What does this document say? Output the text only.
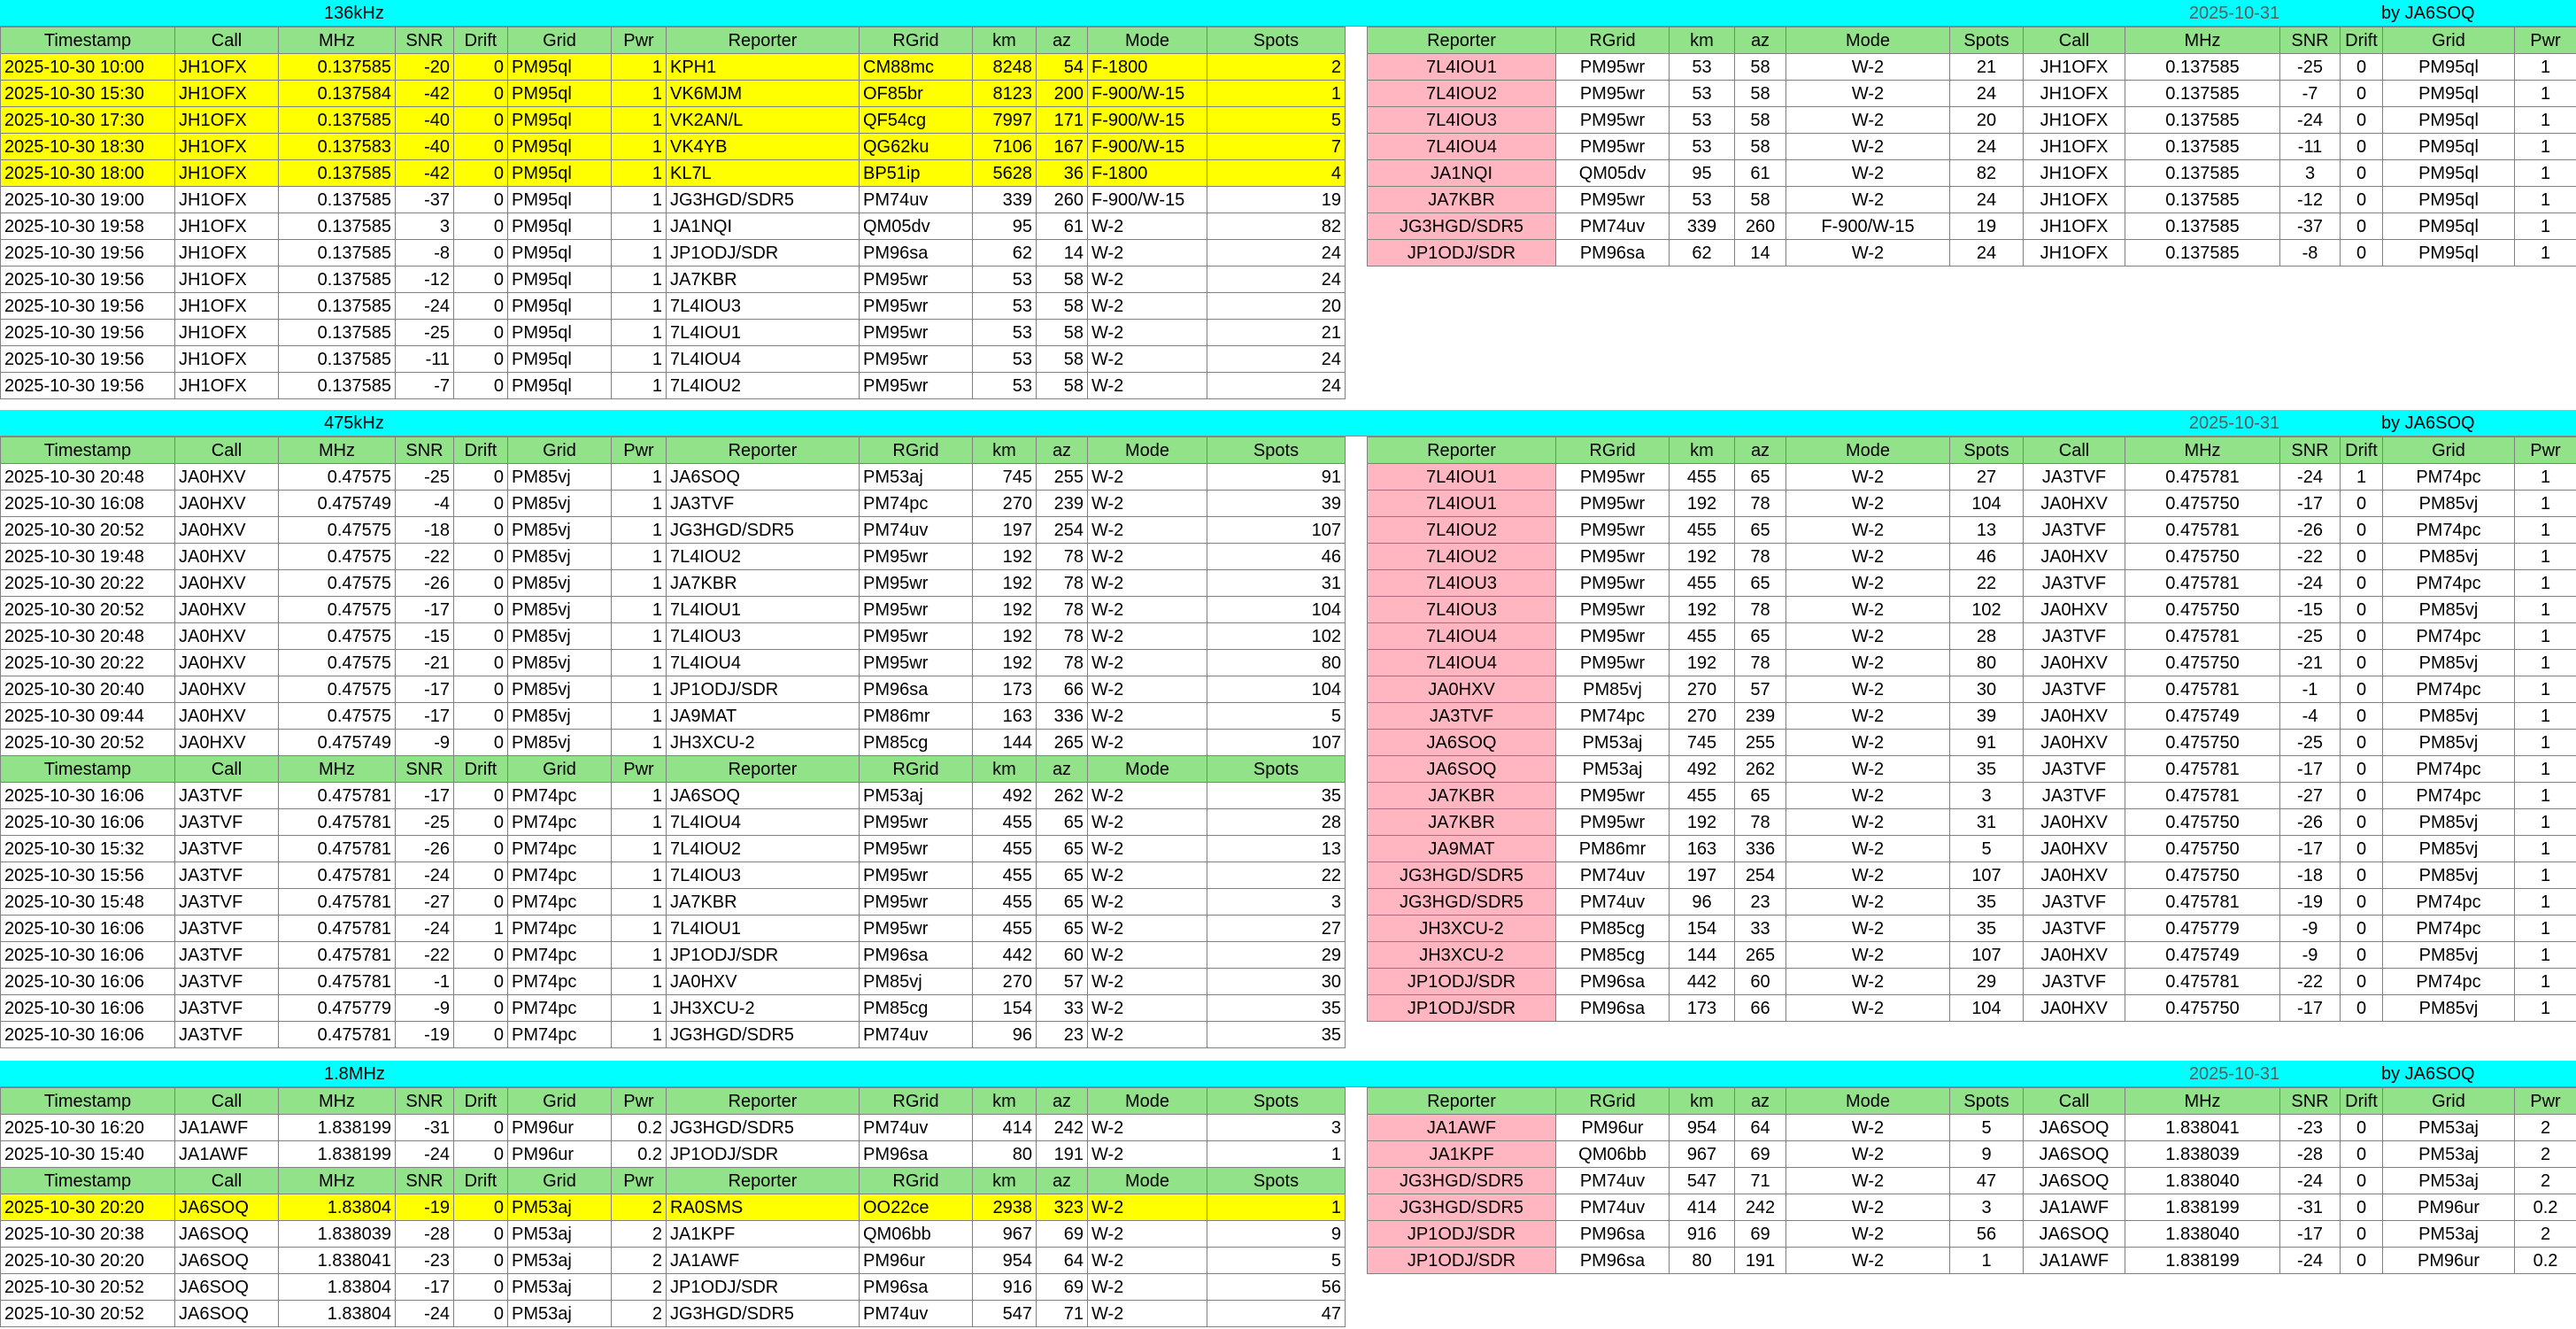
136kHz	2025-10-31	by JA6SOQ
Timestamp	Call	MHz	SNR	Drift	Grid	Pwr	Reporter	RGrid	km	az	Mode	Spots
2025-10-30 10:00	JH1OFX	0.137585	-20	0	PM95ql	1	KPH1	CM88mc	8248	54	F-1800	2
2025-10-30 15:30	JH1OFX	0.137584	-42	0	PM95ql	1	VK6MJM	OF85br	8123	200	F-900/W-15	1
2025-10-30 17:30	JH1OFX	0.137585	-40	0	PM95ql	1	VK2AN/L	QF54cg	7997	171	F-900/W-15	5
2025-10-30 18:30	JH1OFX	0.137583	-40	0	PM95ql	1	VK4YB	QG62ku	7106	167	F-900/W-15	7
2025-10-30 18:00	JH1OFX	0.137585	-42	0	PM95ql	1	KL7L	BP51ip	5628	36	F-1800	4
2025-10-30 19:00	JH1OFX	0.137585	-37	0	PM95ql	1	JG3HGD/SDR5	PM74uv	339	260	F-900/W-15	19
2025-10-30 19:58	JH1OFX	0.137585	3	0	PM95ql	1	JA1NQI	QM05dv	95	61	W-2	82
2025-10-30 19:56	JH1OFX	0.137585	-8	0	PM95ql	1	JP1ODJ/SDR	PM96sa	62	14	W-2	24
2025-10-30 19:56	JH1OFX	0.137585	-12	0	PM95ql	1	JA7KBR	PM95wr	53	58	W-2	24
2025-10-30 19:56	JH1OFX	0.137585	-24	0	PM95ql	1	7L4IOU3	PM95wr	53	58	W-2	20
2025-10-30 19:56	JH1OFX	0.137585	-25	0	PM95ql	1	7L4IOU1	PM95wr	53	58	W-2	21
2025-10-30 19:56	JH1OFX	0.137585	-11	0	PM95ql	1	7L4IOU4	PM95wr	53	58	W-2	24
2025-10-30 19:56	JH1OFX	0.137585	-7	0	PM95ql	1	7L4IOU2	PM95wr	53	58	W-2	24
Reporter	RGrid	km	az	Mode	Spots	Call	MHz	SNR	Drift	Grid	Pwr
7L4IOU1	PM95wr	53	58	W-2	21	JH1OFX	0.137585	-25	0	PM95ql	1
7L4IOU2	PM95wr	53	58	W-2	24	JH1OFX	0.137585	-7	0	PM95ql	1
7L4IOU3	PM95wr	53	58	W-2	20	JH1OFX	0.137585	-24	0	PM95ql	1
7L4IOU4	PM95wr	53	58	W-2	24	JH1OFX	0.137585	-11	0	PM95ql	1
JA1NQI	QM05dv	95	61	W-2	82	JH1OFX	0.137585	3	0	PM95ql	1
JA7KBR	PM95wr	53	58	W-2	24	JH1OFX	0.137585	-12	0	PM95ql	1
JG3HGD/SDR5	PM74uv	339	260	F-900/W-15	19	JH1OFX	0.137585	-37	0	PM95ql	1
JP1ODJ/SDR	PM96sa	62	14	W-2	24	JH1OFX	0.137585	-8	0	PM95ql	1
475kHz	2025-10-31	by JA6SOQ
Timestamp	Call	MHz	SNR	Drift	Grid	Pwr	Reporter	RGrid	km	az	Mode	Spots
2025-10-30 20:48	JA0HXV	0.47575	-25	0	PM85vj	1	JA6SOQ	PM53aj	745	255	W-2	91
2025-10-30 16:08	JA0HXV	0.475749	-4	0	PM85vj	1	JA3TVF	PM74pc	270	239	W-2	39
2025-10-30 20:52	JA0HXV	0.47575	-18	0	PM85vj	1	JG3HGD/SDR5	PM74uv	197	254	W-2	107
2025-10-30 19:48	JA0HXV	0.47575	-22	0	PM85vj	1	7L4IOU2	PM95wr	192	78	W-2	46
2025-10-30 20:22	JA0HXV	0.47575	-26	0	PM85vj	1	JA7KBR	PM95wr	192	78	W-2	31
2025-10-30 20:52	JA0HXV	0.47575	-17	0	PM85vj	1	7L4IOU1	PM95wr	192	78	W-2	104
2025-10-30 20:48	JA0HXV	0.47575	-15	0	PM85vj	1	7L4IOU3	PM95wr	192	78	W-2	102
2025-10-30 20:22	JA0HXV	0.47575	-21	0	PM85vj	1	7L4IOU4	PM95wr	192	78	W-2	80
2025-10-30 20:40	JA0HXV	0.47575	-17	0	PM85vj	1	JP1ODJ/SDR	PM96sa	173	66	W-2	104
2025-10-30 09:44	JA0HXV	0.47575	-17	0	PM85vj	1	JA9MAT	PM86mr	163	336	W-2	5
2025-10-30 20:52	JA0HXV	0.475749	-9	0	PM85vj	1	JH3XCU-2	PM85cg	144	265	W-2	107
Timestamp	Call	MHz	SNR	Drift	Grid	Pwr	Reporter	RGrid	km	az	Mode	Spots
2025-10-30 16:06	JA3TVF	0.475781	-17	0	PM74pc	1	JA6SOQ	PM53aj	492	262	W-2	35
2025-10-30 16:06	JA3TVF	0.475781	-25	0	PM74pc	1	7L4IOU4	PM95wr	455	65	W-2	28
2025-10-30 15:32	JA3TVF	0.475781	-26	0	PM74pc	1	7L4IOU2	PM95wr	455	65	W-2	13
2025-10-30 15:56	JA3TVF	0.475781	-24	0	PM74pc	1	7L4IOU3	PM95wr	455	65	W-2	22
2025-10-30 15:48	JA3TVF	0.475781	-27	0	PM74pc	1	JA7KBR	PM95wr	455	65	W-2	3
2025-10-30 16:06	JA3TVF	0.475781	-24	1	PM74pc	1	7L4IOU1	PM95wr	455	65	W-2	27
2025-10-30 16:06	JA3TVF	0.475781	-22	0	PM74pc	1	JP1ODJ/SDR	PM96sa	442	60	W-2	29
2025-10-30 16:06	JA3TVF	0.475781	-1	0	PM74pc	1	JA0HXV	PM85vj	270	57	W-2	30
2025-10-30 16:06	JA3TVF	0.475779	-9	0	PM74pc	1	JH3XCU-2	PM85cg	154	33	W-2	35
2025-10-30 16:06	JA3TVF	0.475781	-19	0	PM74pc	1	JG3HGD/SDR5	PM74uv	96	23	W-2	35
Reporter	RGrid	km	az	Mode	Spots	Call	MHz	SNR	Drift	Grid	Pwr
7L4IOU1	PM95wr	455	65	W-2	27	JA3TVF	0.475781	-24	1	PM74pc	1
7L4IOU1	PM95wr	192	78	W-2	104	JA0HXV	0.475750	-17	0	PM85vj	1
7L4IOU2	PM95wr	455	65	W-2	13	JA3TVF	0.475781	-26	0	PM74pc	1
7L4IOU2	PM95wr	192	78	W-2	46	JA0HXV	0.475750	-22	0	PM85vj	1
7L4IOU3	PM95wr	455	65	W-2	22	JA3TVF	0.475781	-24	0	PM74pc	1
7L4IOU3	PM95wr	192	78	W-2	102	JA0HXV	0.475750	-15	0	PM85vj	1
7L4IOU4	PM95wr	455	65	W-2	28	JA3TVF	0.475781	-25	0	PM74pc	1
7L4IOU4	PM95wr	192	78	W-2	80	JA0HXV	0.475750	-21	0	PM85vj	1
JA0HXV	PM85vj	270	57	W-2	30	JA3TVF	0.475781	-1	0	PM74pc	1
JA3TVF	PM74pc	270	239	W-2	39	JA0HXV	0.475749	-4	0	PM85vj	1
JA6SOQ	PM53aj	745	255	W-2	91	JA0HXV	0.475750	-25	0	PM85vj	1
JA6SOQ	PM53aj	492	262	W-2	35	JA3TVF	0.475781	-17	0	PM74pc	1
JA7KBR	PM95wr	455	65	W-2	3	JA3TVF	0.475781	-27	0	PM74pc	1
JA7KBR	PM95wr	192	78	W-2	31	JA0HXV	0.475750	-26	0	PM85vj	1
JA9MAT	PM86mr	163	336	W-2	5	JA0HXV	0.475750	-17	0	PM85vj	1
JG3HGD/SDR5	PM74uv	197	254	W-2	107	JA0HXV	0.475750	-18	0	PM85vj	1
JG3HGD/SDR5	PM74uv	96	23	W-2	35	JA3TVF	0.475781	-19	0	PM74pc	1
JH3XCU-2	PM85cg	154	33	W-2	35	JA3TVF	0.475779	-9	0	PM74pc	1
JH3XCU-2	PM85cg	144	265	W-2	107	JA0HXV	0.475749	-9	0	PM85vj	1
JP1ODJ/SDR	PM96sa	442	60	W-2	29	JA3TVF	0.475781	-22	0	PM74pc	1
JP1ODJ/SDR	PM96sa	173	66	W-2	104	JA0HXV	0.475750	-17	0	PM85vj	1
1.8MHz	2025-10-31	by JA6SOQ
Timestamp	Call	MHz	SNR	Drift	Grid	Pwr	Reporter	RGrid	km	az	Mode	Spots
2025-10-30 16:20	JA1AWF	1.838199	-31	0	PM96ur	0.2	JG3HGD/SDR5	PM74uv	414	242	W-2	3
2025-10-30 15:40	JA1AWF	1.838199	-24	0	PM96ur	0.2	JP1ODJ/SDR	PM96sa	80	191	W-2	1
Timestamp	Call	MHz	SNR	Drift	Grid	Pwr	Reporter	RGrid	km	az	Mode	Spots
2025-10-30 20:20	JA6SOQ	1.83804	-19	0	PM53aj	2	RA0SMS	OO22ce	2938	323	W-2	1
2025-10-30 20:38	JA6SOQ	1.838039	-28	0	PM53aj	2	JA1KPF	QM06bb	967	69	W-2	9
2025-10-30 20:20	JA6SOQ	1.838041	-23	0	PM53aj	2	JA1AWF	PM96ur	954	64	W-2	5
2025-10-30 20:52	JA6SOQ	1.83804	-17	0	PM53aj	2	JP1ODJ/SDR	PM96sa	916	69	W-2	56
2025-10-30 20:52	JA6SOQ	1.83804	-24	0	PM53aj	2	JG3HGD/SDR5	PM74uv	547	71	W-2	47
Reporter	RGrid	km	az	Mode	Spots	Call	MHz	SNR	Drift	Grid	Pwr
JA1AWF	PM96ur	954	64	W-2	5	JA6SOQ	1.838041	-23	0	PM53aj	2
JA1KPF	QM06bb	967	69	W-2	9	JA6SOQ	1.838039	-28	0	PM53aj	2
JG3HGD/SDR5	PM74uv	547	71	W-2	47	JA6SOQ	1.838040	-24	0	PM53aj	2
JG3HGD/SDR5	PM74uv	414	242	W-2	3	JA1AWF	1.838199	-31	0	PM96ur	0.2
JP1ODJ/SDR	PM96sa	916	69	W-2	56	JA6SOQ	1.838040	-17	0	PM53aj	2
JP1ODJ/SDR	PM96sa	80	191	W-2	1	JA1AWF	1.838199	-24	0	PM96ur	0.2
